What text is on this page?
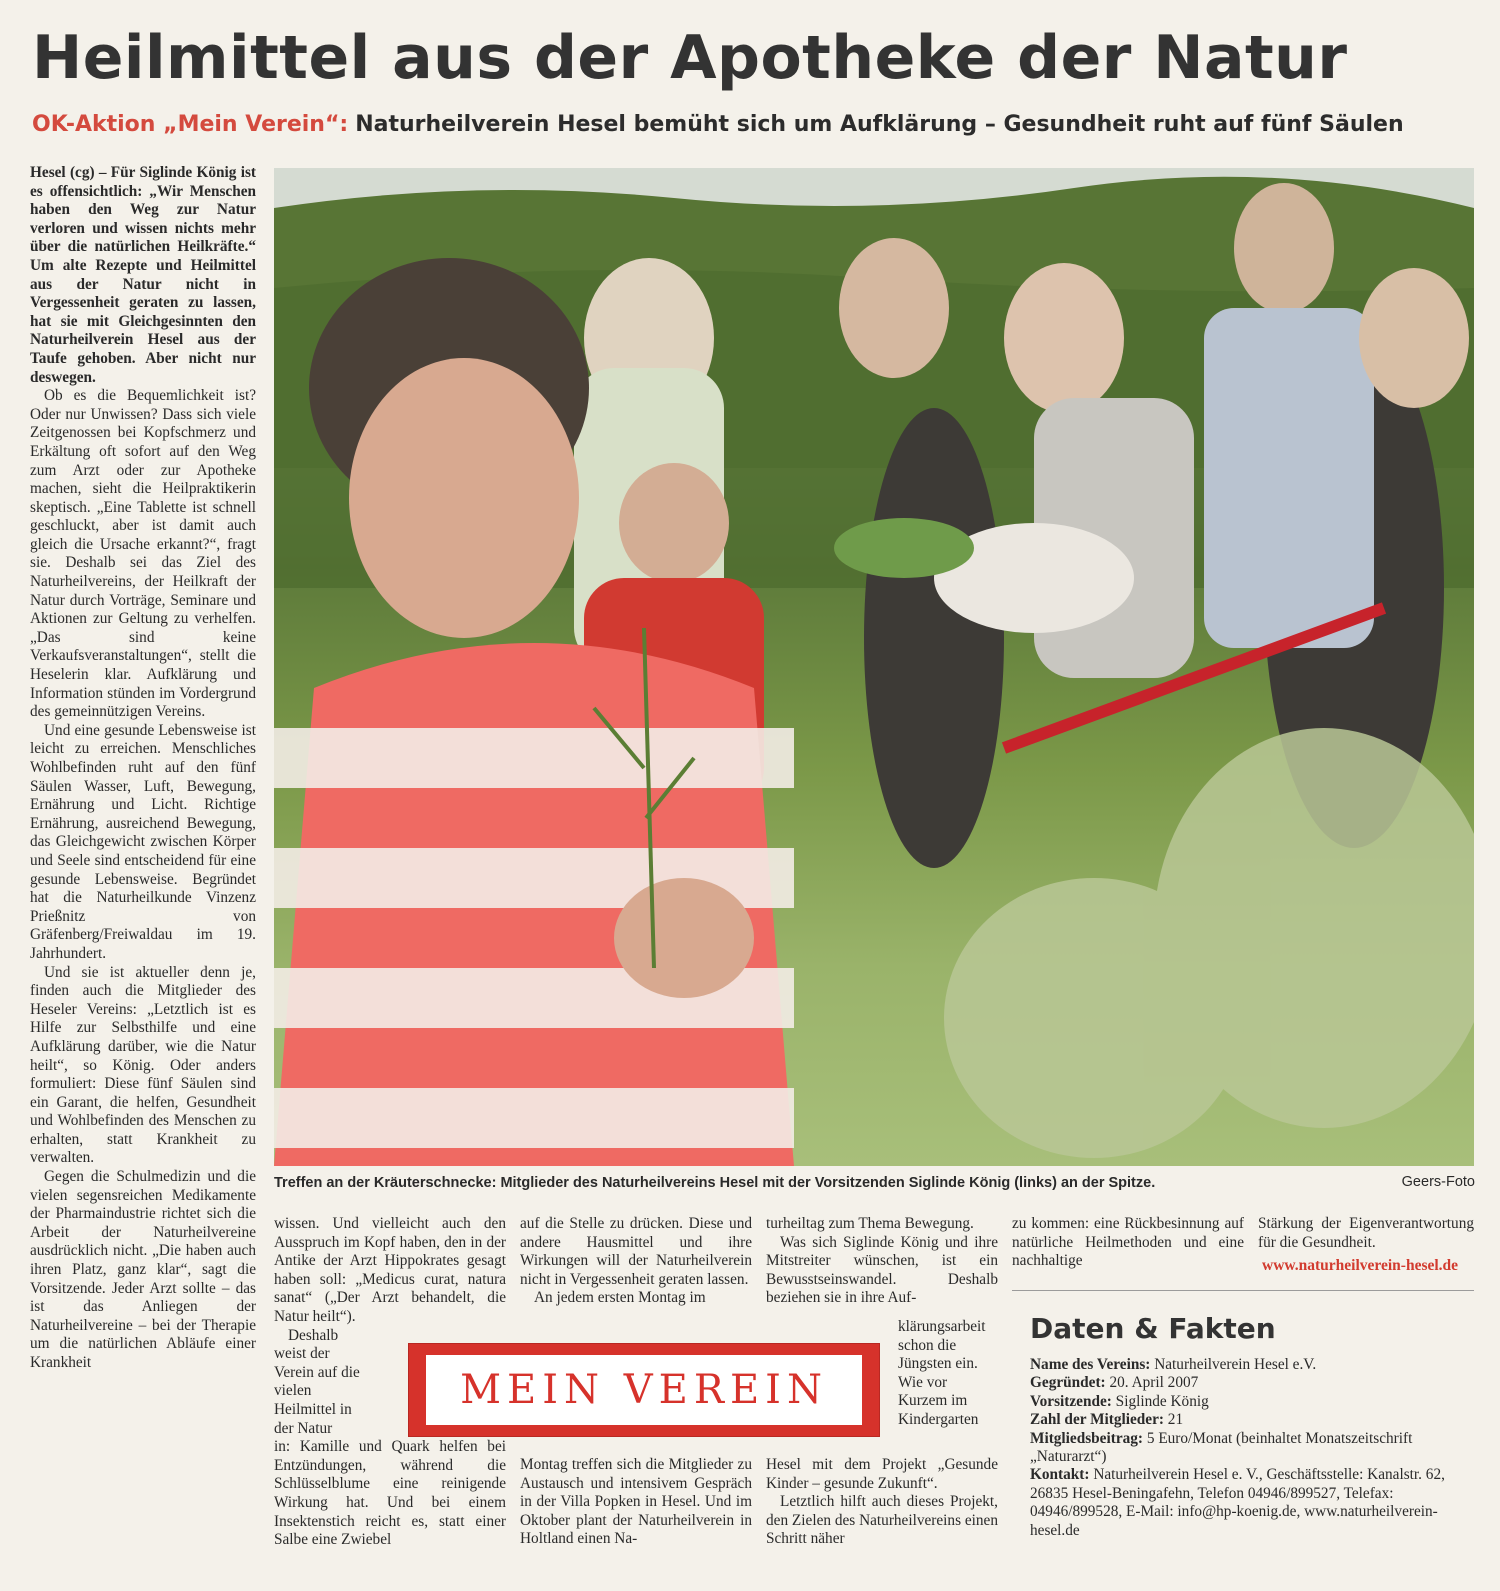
Heilmittel aus der Apotheke der Natur
OK-Aktion „Mein Verein“: Naturheilverein Hesel bemüht sich um Aufklärung – Gesundheit ruht auf fünf Säulen

Hesel (cg) – Für Siglinde König ist es offensichtlich: „Wir Menschen haben den Weg zur Natur verloren und wissen nichts mehr über die natürlichen Heilkräfte.“ Um alte Rezepte und Heilmittel aus der Natur nicht in Vergessenheit geraten zu lassen, hat sie mit Gleichgesinnten den Naturheilverein Hesel aus der Taufe gehoben. Aber nicht nur deswegen.

Ob es die Bequemlichkeit ist? Oder nur Unwissen? Dass sich viele Zeitgenossen bei Kopfschmerz und Erkältung oft sofort auf den Weg zum Arzt oder zur Apotheke machen, sieht die Heilpraktikerin skeptisch. „Eine Tablette ist schnell geschluckt, aber ist damit auch gleich die Ursache erkannt?“, fragt sie. Deshalb sei das Ziel des Naturheilvereins, der Heilkraft der Natur durch Vorträge, Seminare und Aktionen zur Geltung zu verhelfen. „Das sind keine Verkaufsveranstaltungen“, stellt die Heselerin klar. Aufklärung und Information stünden im Vordergrund des gemeinnützigen Vereins.

Und eine gesunde Lebensweise ist leicht zu erreichen. Menschliches Wohlbefinden ruht auf den fünf Säulen Wasser, Luft, Bewegung, Ernährung und Licht. Richtige Ernährung, ausreichend Bewegung, das Gleichgewicht zwischen Körper und Seele sind entscheidend für eine gesunde Lebensweise. Begründet hat die Naturheilkunde Vinzenz Prießnitz von Gräfenberg/Freiwaldau im 19. Jahrhundert.

Und sie ist aktueller denn je, finden auch die Mitglieder des Heseler Vereins: „Letztlich ist es Hilfe zur Selbsthilfe und eine Aufklärung darüber, wie die Natur heilt“, so König. Oder anders formuliert: Diese fünf Säulen sind ein Garant, die helfen, Gesundheit und Wohlbefinden des Menschen zu erhalten, statt Krankheit zu verwalten.

Gegen die Schulmedizin und die vielen segensreichen Medikamente der Pharmaindustrie richtet sich die Arbeit der Naturheilvereine ausdrücklich nicht. „Die haben auch ihren Platz, ganz klar“, sagt die Vorsitzende. Jeder Arzt sollte – das ist das Anliegen der Naturheilvereine – bei der Therapie um die natürlichen Abläufe einer Krankheit

Treffen an der Kräuterschnecke: Mitglieder des Naturheilvereins Hesel mit der Vorsitzenden Siglinde König (links) an der Spitze.	Geers-Foto

wissen. Und vielleicht auch den Ausspruch im Kopf haben, den in der Antike der Arzt Hippokrates gesagt haben soll: „Medicus curat, natura sanat“ („Der Arzt behandelt, die Natur heilt“).

Deshalb weist der Verein auf die vielen Heilmittel in der Natur

in: Kamille und Quark helfen bei Entzündungen, während die Schlüsselblume eine reinigende Wirkung hat. Und bei einem Insektenstich reicht es, statt einer Salbe eine Zwiebel

auf die Stelle zu drücken. Diese und andere Hausmittel und ihre Wirkungen will der Naturheilverein nicht in Vergessenheit geraten lassen.

An jedem ersten Montag im

Montag treffen sich die Mitglieder zu Austausch und intensivem Gespräch in der Villa Popken in Hesel. Und im Oktober plant der Naturheilverein in Holtland einen Na-

turheiltag zum Thema Bewegung.

Was sich Siglinde König und ihre Mitstreiter wünschen, ist ein Bewusstseinswandel. Deshalb beziehen sie in ihre Auf-

klärungsarbeit schon die Jüngsten ein. Wie vor Kurzem im Kindergarten

Hesel mit dem Projekt „Gesunde Kinder – gesunde Zukunft“.

Letztlich hilft auch dieses Projekt, den Zielen des Naturheilvereins einen Schritt näher

zu kommen: eine Rückbesinnung auf natürliche Heilmethoden und eine nachhaltige

Stärkung der Eigenverantwortung für die Gesundheit.

www.naturheilverein-hesel.de
MEIN VEREIN
Daten & Fakten

Name des Vereins: Naturheilverein Hesel e.V.

Gegründet: 20. April 2007

Vorsitzende: Siglinde König

Zahl der Mitglieder: 21

Mitgliedsbeitrag: 5 Euro/Monat (beinhaltet Monatszeitschrift „Naturarzt“)

Kontakt: Naturheilverein Hesel e. V., Geschäftsstelle: Kanalstr. 62, 26835 Hesel-Beningafehn, Telefon 04946/899527, Telefax: 04946/899528, E-Mail: info@hp-koenig.de, www.naturheilverein-hesel.de
